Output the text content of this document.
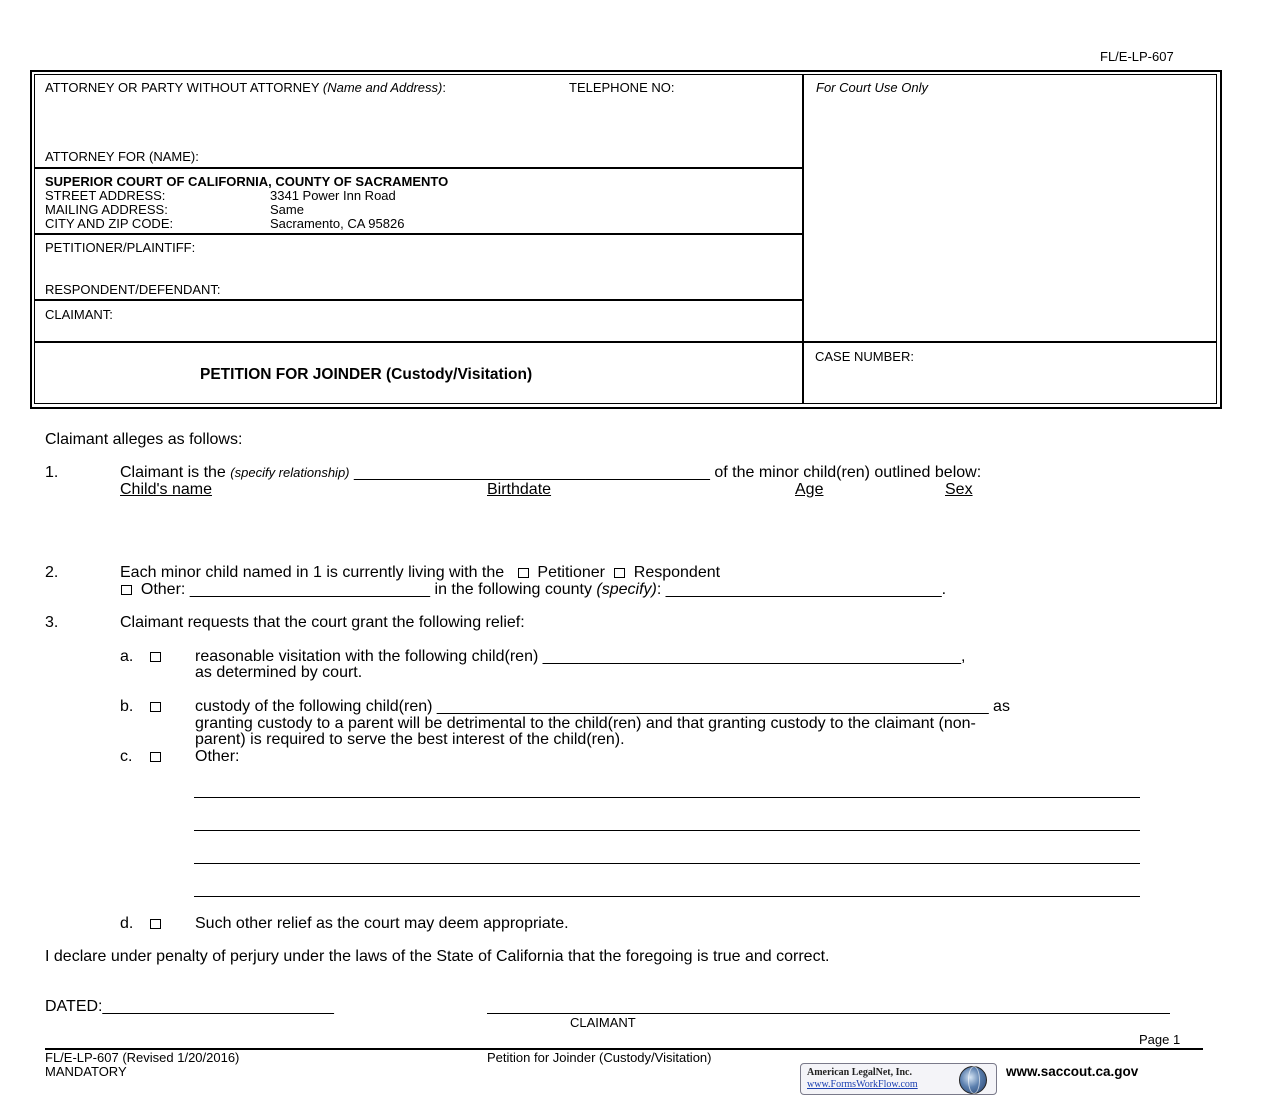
FL/E-LP-607
ATTORNEY OR PARTY WITHOUT ATTORNEY (Name and Address):	TELEPHONE NO:
ATTORNEY FOR (NAME):
For Court Use Only
SUPERIOR COURT OF CALIFORNIA, COUNTY OF SACRAMENTO
STREET ADDRESS:	3341 Power Inn Road
MAILING ADDRESS:	Same
CITY AND ZIP CODE:	Sacramento, CA 95826
PETITIONER/PLAINTIFF:
RESPONDENT/DEFENDANT:
CLAIMANT:
PETITION FOR JOINDER (Custody/Visitation)
CASE NUMBER:
Claimant alleges as follows:
1.	Claimant is the (specify relationship) ________________________________________ of the minor child(ren) outlined below:
Child's name	Birthdate	Age	Sex
2.	Each minor child named in 1 is currently living with the Petitioner Respondent
Other: ___________________________ in the following county (specify): _______________________________.
3.	Claimant requests that the court grant the following relief:
a.	reasonable visitation with the following child(ren) _______________________________________________,
as determined by court.
b.	custody of the following child(ren) ______________________________________________________________ as
granting custody to a parent will be detrimental to the child(ren) and that granting custody to the claimant (non-
parent) is required to serve the best interest of the child(ren).
c.	Other:
d.	Such other relief as the court may deem appropriate.
I declare under penalty of perjury under the laws of the State of California that the foregoing is true and correct.
DATED:__________________________
CLAIMANT
Page 1
FL/E-LP-607 (Revised 1/20/2016)
MANDATORY
Petition for Joinder (Custody/Visitation)
American LegalNet, Inc.
www.FormsWorkFlow.com
www.saccout.ca.gov
